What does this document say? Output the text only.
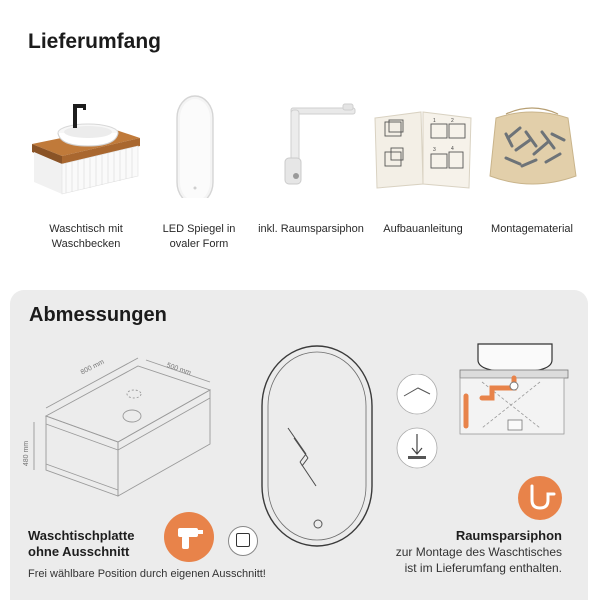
Lieferumfang
Waschtisch mit
Waschbecken
LED Spiegel in
ovaler Form
inkl. Raumsparsiphon
1	2
3	4
Aufbauanleitung	Montagematerial
Abmessungen
800 mm	500 mm
480 mm
Waschtischplatte
ohne Ausschnitt
Frei wählbare Position durch eigenen Ausschnitt!
Raumsparsiphon
zur Montage des Waschtisches
ist im Lieferumfang enthalten.
